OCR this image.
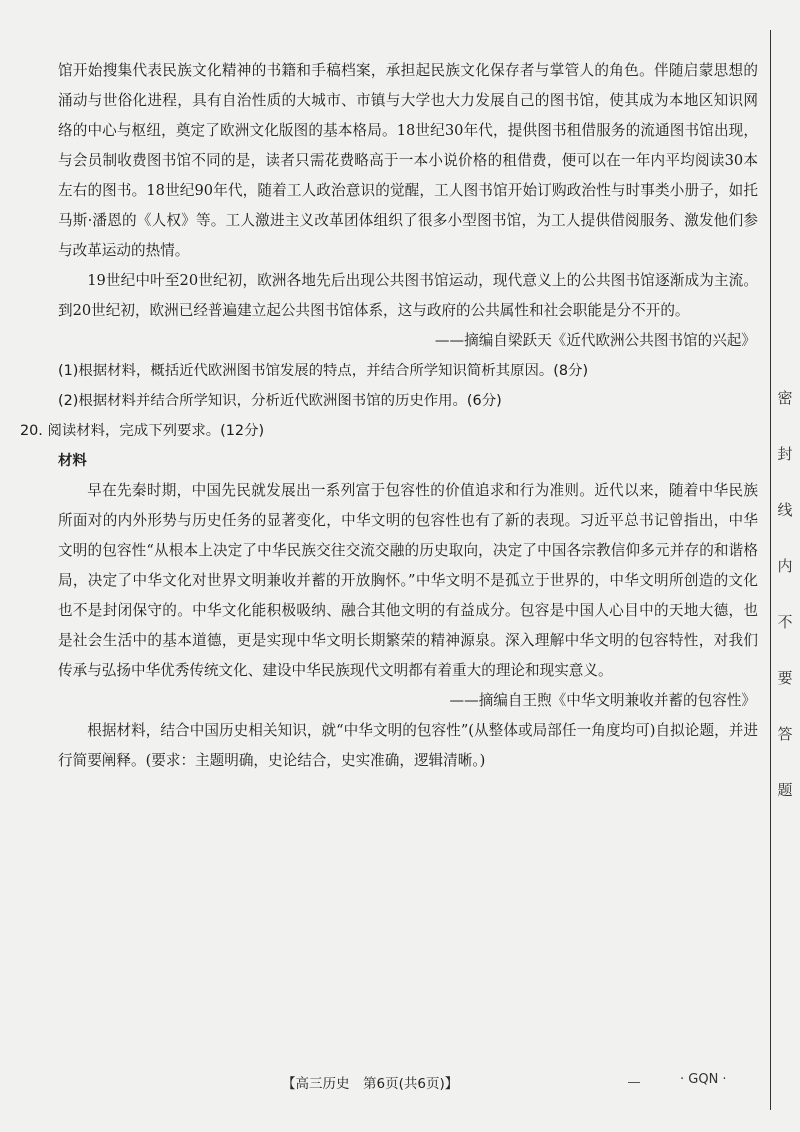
馆开始搜集代表民族文化精神的书籍和手稿档案，承担起民族文化保存者与掌管人的角色。伴随启蒙思想的涌动与世俗化进程，具有自治性质的大城市、市镇与大学也大力发展自己的图书馆，使其成为本地区知识网络的中心与枢纽，奠定了欧洲文化版图的基本格局。18世纪30年代，提供图书租借服务的流通图书馆出现，与会员制收费图书馆不同的是，读者只需花费略高于一本小说价格的租借费，便可以在一年内平均阅读30本左右的图书。18世纪90年代，随着工人政治意识的觉醒，工人图书馆开始订购政治性与时事类小册子，如托马斯·潘恩的《人权》等。工人激进主义改革团体组织了很多小型图书馆，为工人提供借阅服务、激发他们参与改革运动的热情。

19世纪中叶至20世纪初，欧洲各地先后出现公共图书馆运动，现代意义上的公共图书馆逐渐成为主流。到20世纪初，欧洲已经普遍建立起公共图书馆体系，这与政府的公共属性和社会职能是分不开的。

——摘编自梁跃天《近代欧洲公共图书馆的兴起》

(1)根据材料，概括近代欧洲图书馆发展的特点，并结合所学知识简析其原因。(8分)

(2)根据材料并结合所学知识，分析近代欧洲图书馆的历史作用。(6分)

20. 阅读材料，完成下列要求。(12分)

材料

早在先秦时期，中国先民就发展出一系列富于包容性的价值追求和行为准则。近代以来，随着中华民族所面对的内外形势与历史任务的显著变化，中华文明的包容性也有了新的表现。习近平总书记曾指出，中华文明的包容性“从根本上决定了中华民族交往交流交融的历史取向，决定了中国各宗教信仰多元并存的和谐格局，决定了中华文化对世界文明兼收并蓄的开放胸怀。”中华文明不是孤立于世界的，中华文明所创造的文化也不是封闭保守的。中华文化能积极吸纳、融合其他文明的有益成分。包容是中国人心目中的天地大德，也是社会生活中的基本道德，更是实现中华文明长期繁荣的精神源泉。深入理解中华文明的包容特性，对我们传承与弘扬中华优秀传统文化、建设中华民族现代文明都有着重大的理论和现实意义。

——摘编自王煦《中华文明兼收并蓄的包容性》

根据材料，结合中国历史相关知识，就“中华文明的包容性”(从整体或局部任一角度均可)自拟论题，并进行简要阐释。(要求：主题明确，史论结合，史实准确，逻辑清晰。)

密
封
线
内
不
要
答
题
【高三历史　第6页(共6页)】	· GQN ·
